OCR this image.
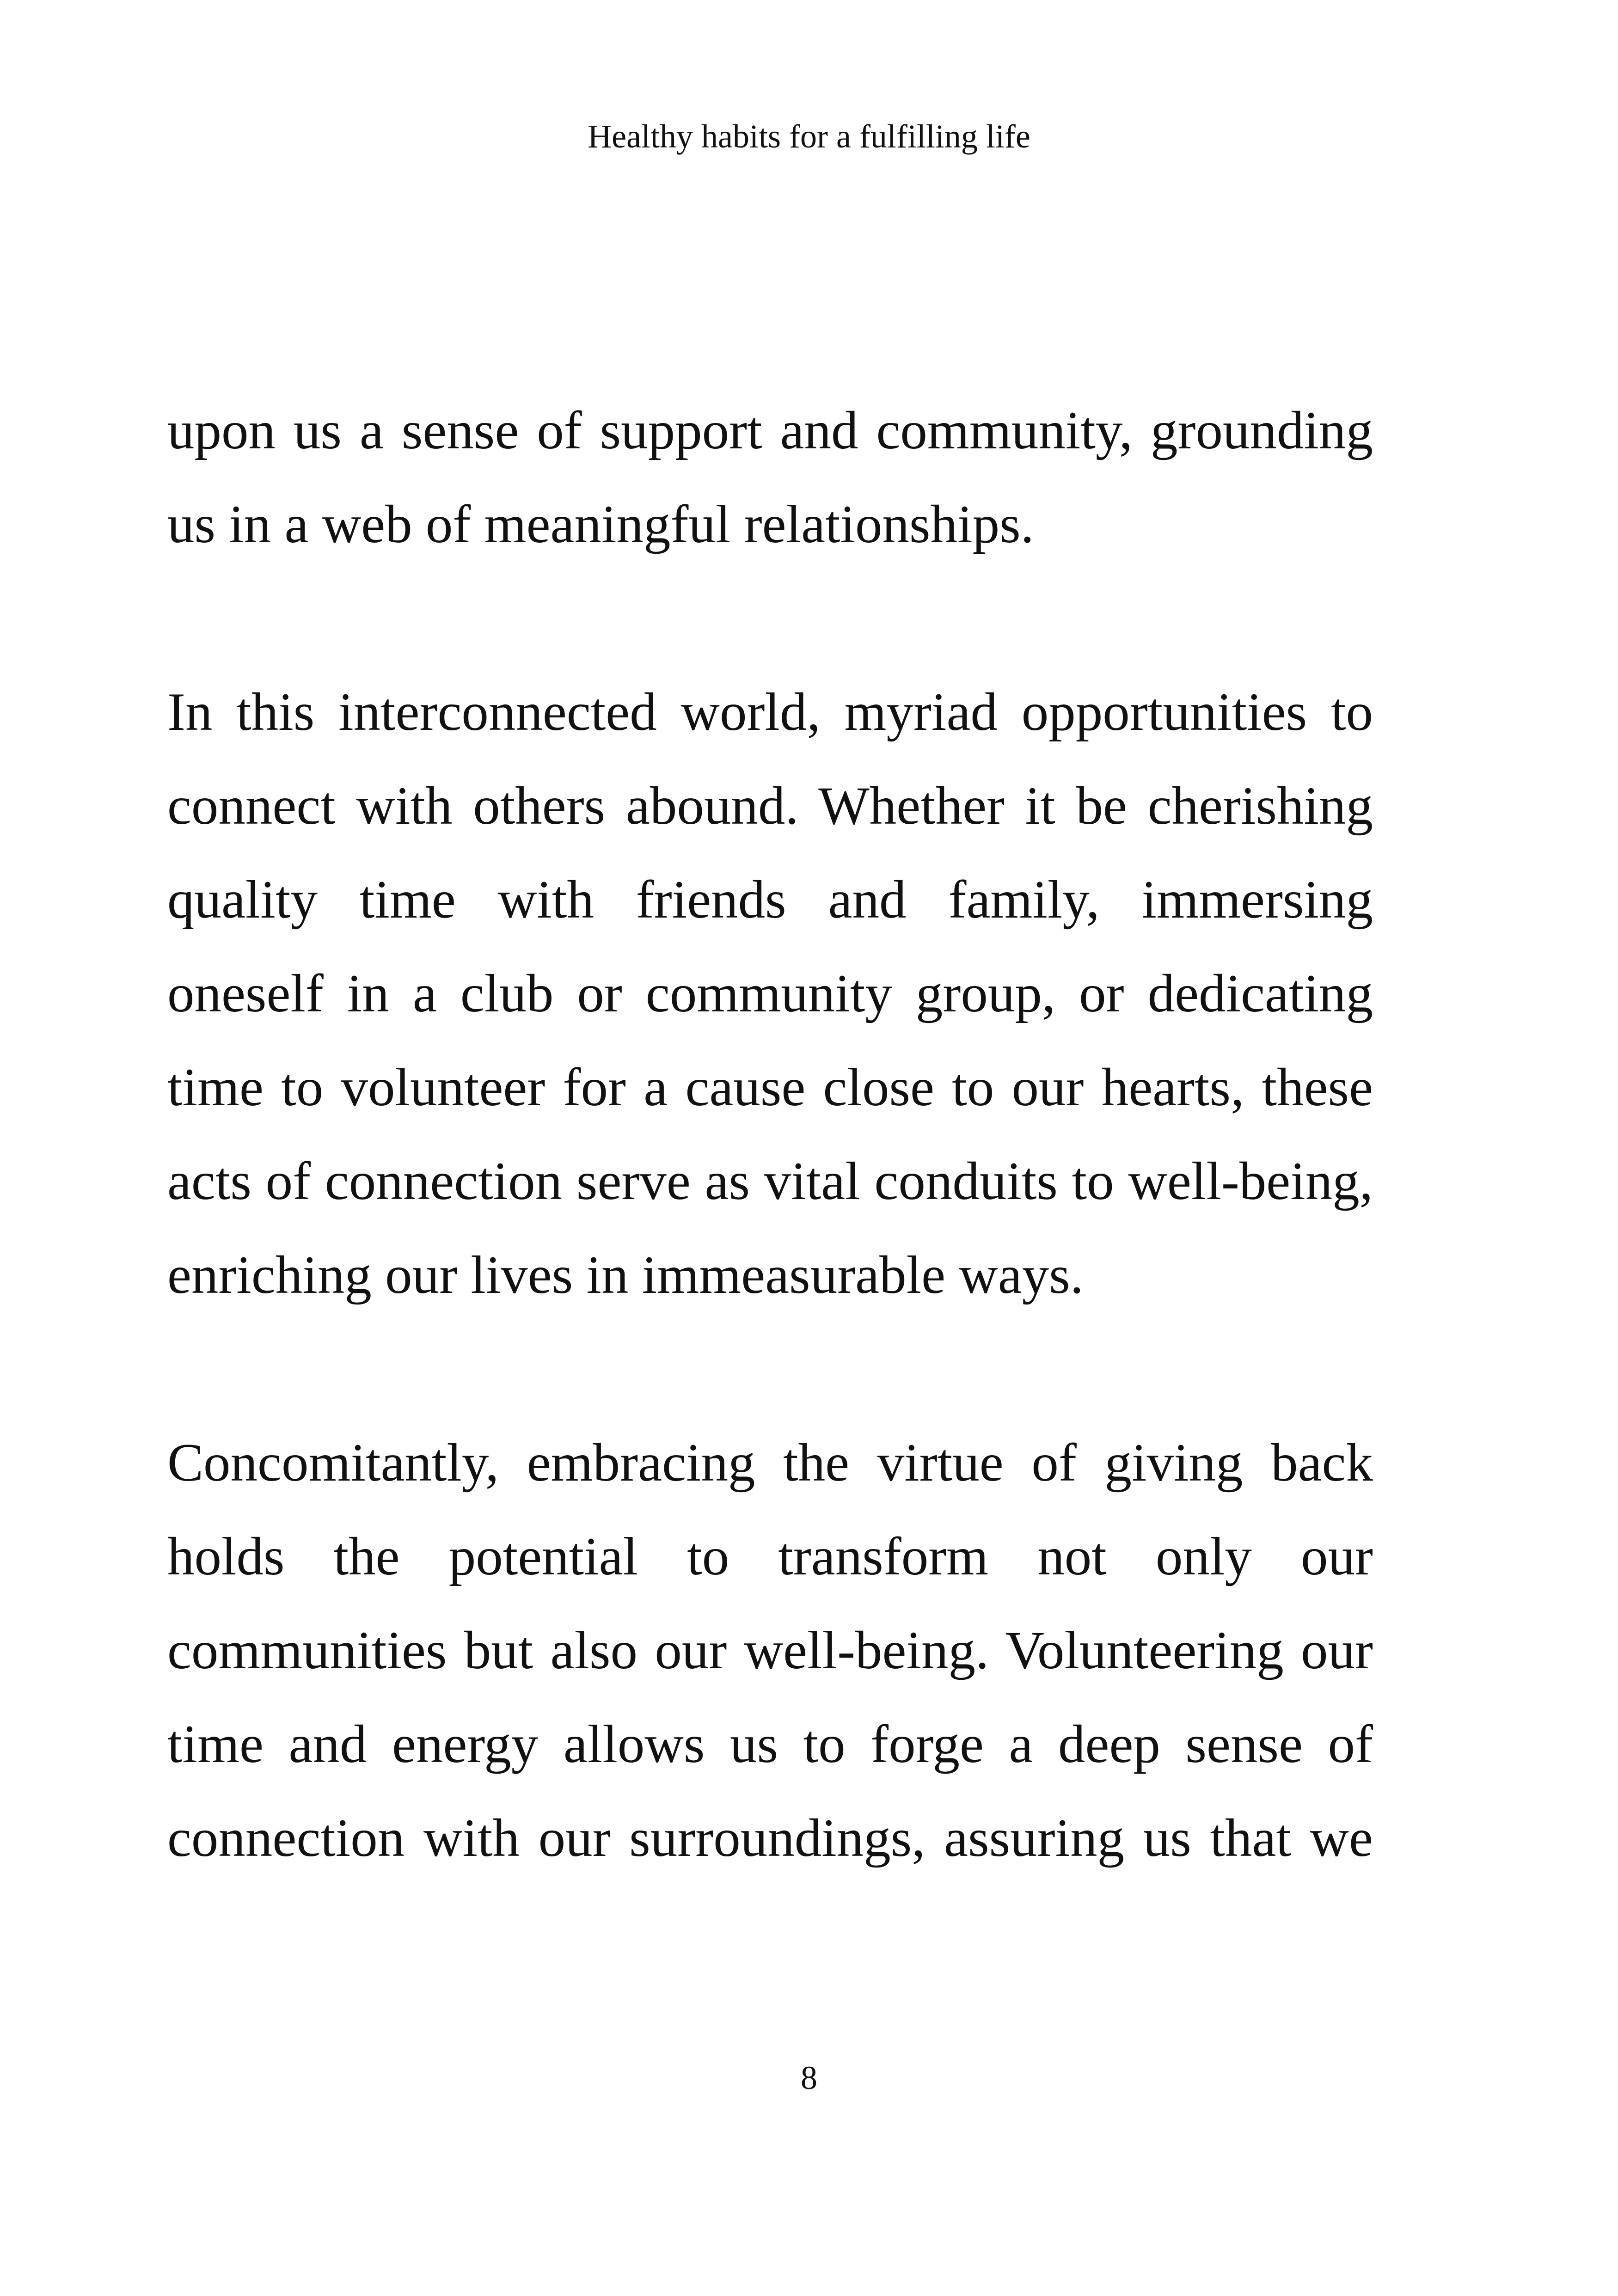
Healthy habits for a fulfilling life
upon us a sense of support and community, grounding
us in a web of meaningful relationships.
In this interconnected world, myriad opportunities to
connect with others abound. Whether it be cherishing
quality time with friends and family, immersing
oneself in a club or community group, or dedicating
time to volunteer for a cause close to our hearts, these
acts of connection serve as vital conduits to well-being,
enriching our lives in immeasurable ways.
Concomitantly, embracing the virtue of giving back
holds the potential to transform not only our
communities but also our well-being. Volunteering our
time and energy allows us to forge a deep sense of
connection with our surroundings, assuring us that we
8
